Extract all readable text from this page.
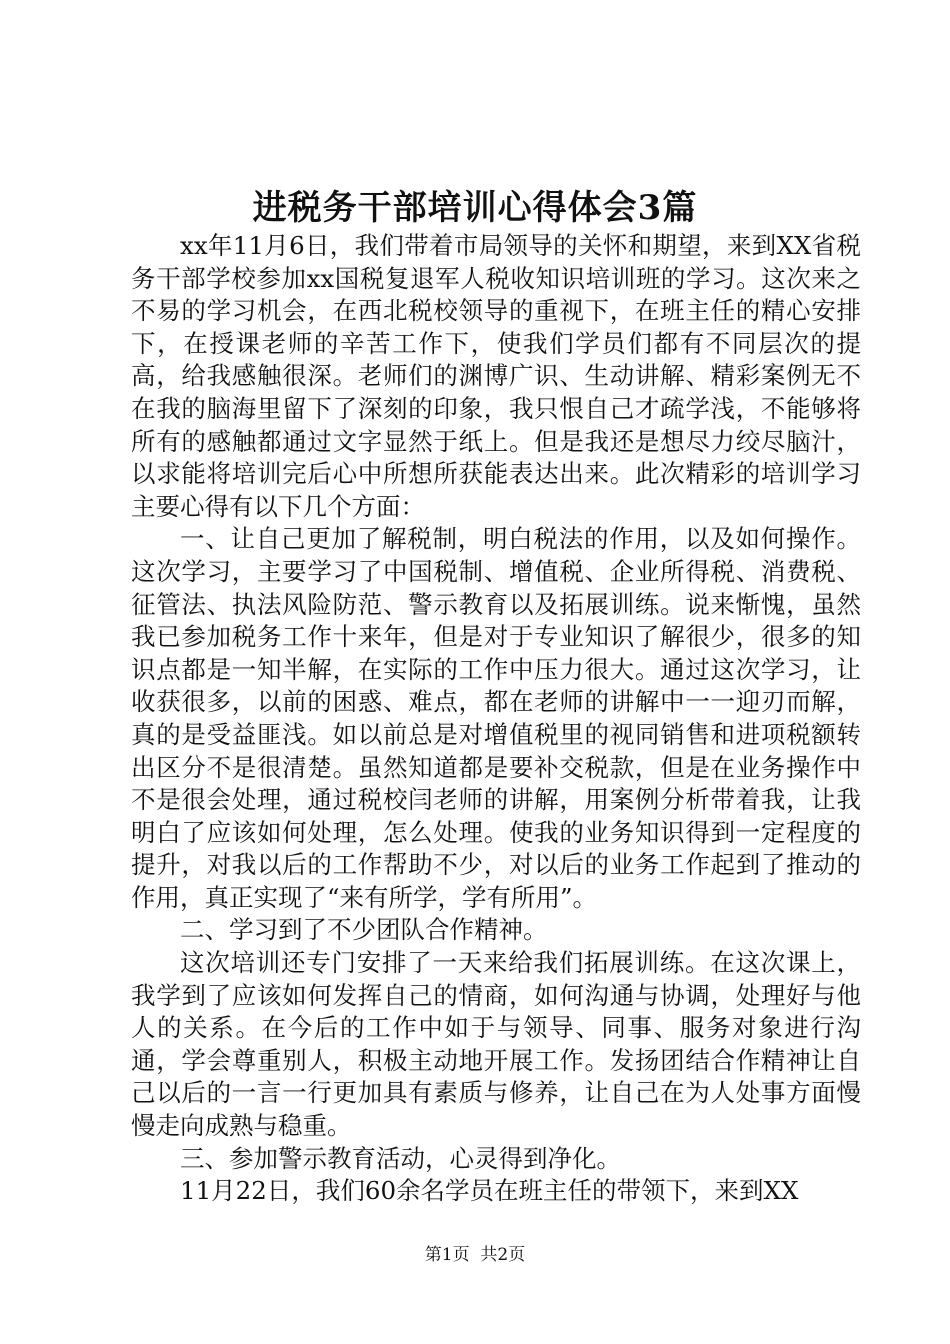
进税务干部培训心得体会3篇

xx年11月6日，我们带着市局领导的关怀和期望，来到XX省税务干部学校参加xx国税复退军人税收知识培训班的学习。这次来之不易的学习机会，在西北税校领导的重视下，在班主任的精心安排下，在授课老师的辛苦工作下，使我们学员们都有不同层次的提高，给我感触很深。老师们的渊博广识、生动讲解、精彩案例无不在我的脑海里留下了深刻的印象，我只恨自己才疏学浅，不能够将所有的感触都通过文字显然于纸上。但是我还是想尽力绞尽脑汁，以求能将培训完后心中所想所获能表达出来。此次精彩的培训学习主要心得有以下几个方面：

一、让自己更加了解税制，明白税法的作用，以及如何操作。这次学习，主要学习了中国税制、增值税、企业所得税、消费税、征管法、执法风险防范、警示教育以及拓展训练。说来惭愧，虽然我已参加税务工作十来年，但是对于专业知识了解很少，很多的知识点都是一知半解，在实际的工作中压力很大。通过这次学习，让收获很多，以前的困惑、难点，都在老师的讲解中一一迎刃而解，真的是受益匪浅。如以前总是对增值税里的视同销售和进项税额转出区分不是很清楚。虽然知道都是要补交税款，但是在业务操作中不是很会处理，通过税校闫老师的讲解，用案例分析带着我，让我明白了应该如何处理，怎么处理。使我的业务知识得到一定程度的提升，对我以后的工作帮助不少，对以后的业务工作起到了推动的作用，真正实现了“来有所学，学有所用”。

二、学习到了不少团队合作精神。

这次培训还专门安排了一天来给我们拓展训练。在这次课上，我学到了应该如何发挥自己的情商，如何沟通与协调，处理好与他人的关系。在今后的工作中如于与领导、同事、服务对象进行沟通，学会尊重别人，积极主动地开展工作。发扬团结合作精神让自己以后的一言一行更加具有素质与修养，让自己在为人处事方面慢慢走向成熟与稳重。

三、参加警示教育活动，心灵得到净化。

11月22日，我们60余名学员在班主任的带领下，来到XX

第1页  共2页
